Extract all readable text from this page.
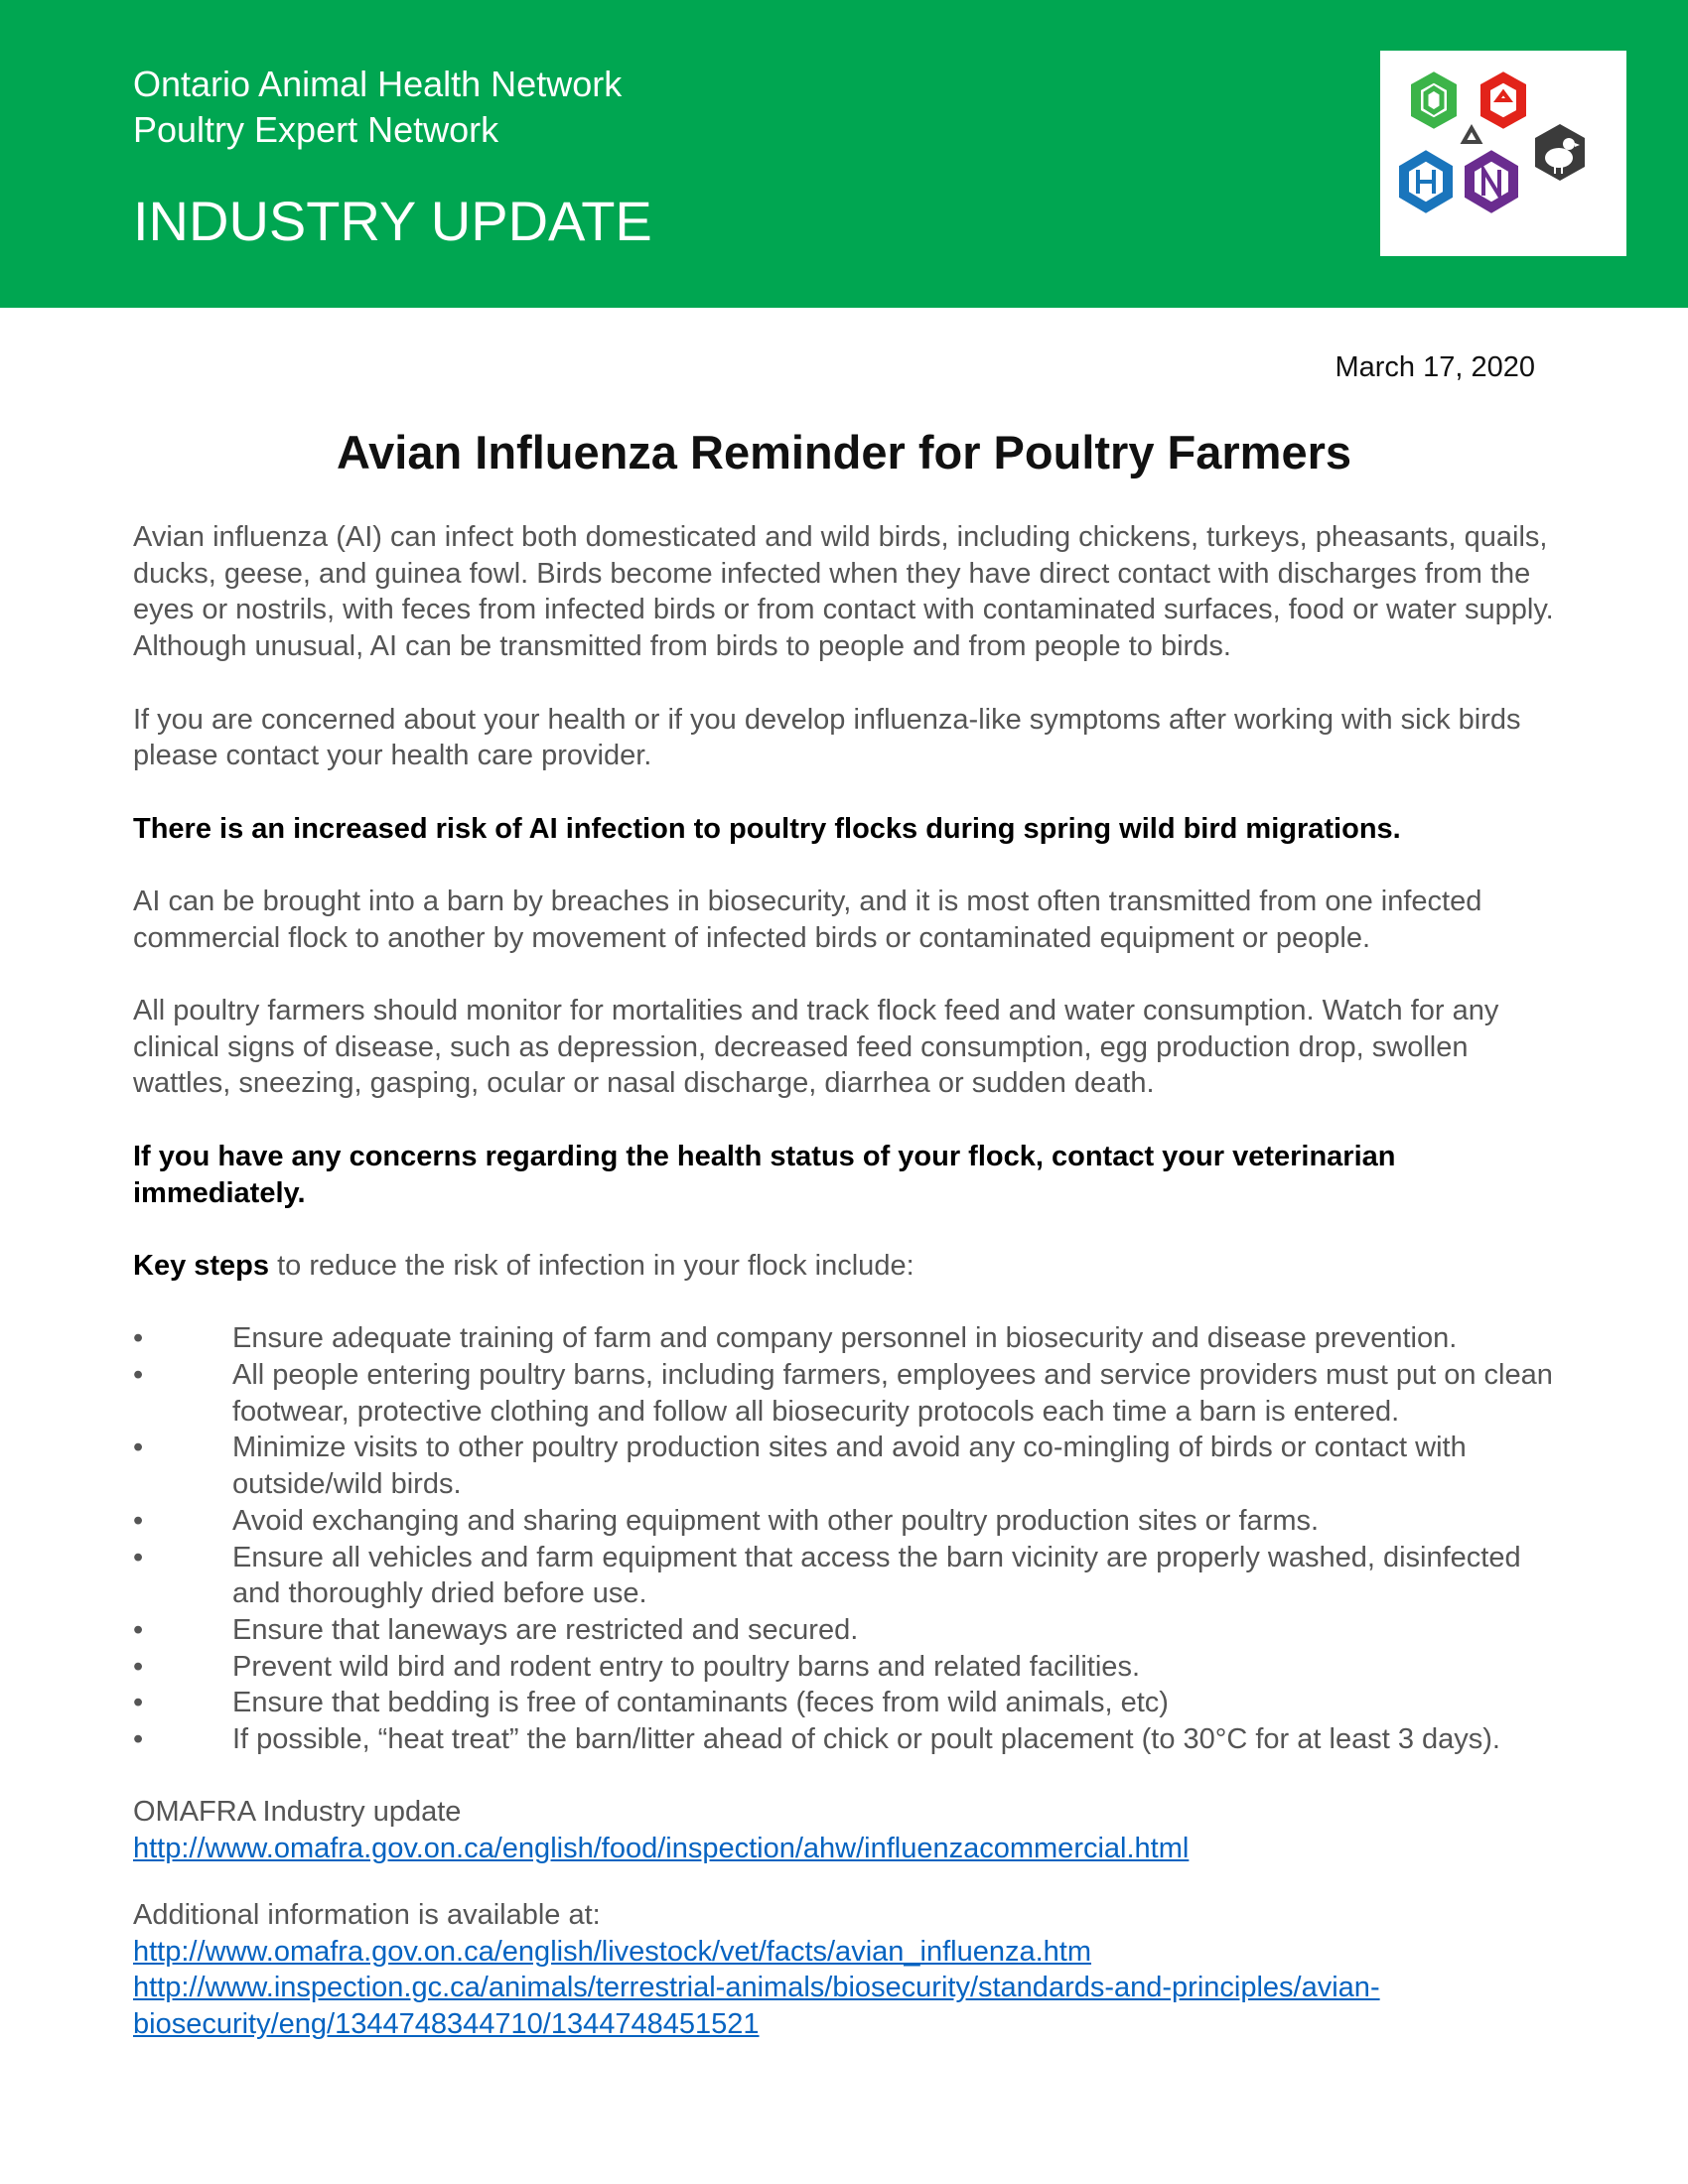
Ontario Animal Health Network
Poultry Expert Network
INDUSTRY UPDATE
March 17, 2020
Avian Influenza Reminder for Poultry Farmers

Avian influenza (AI) can infect both domesticated and wild birds, including chickens, turkeys, pheasants, quails, ducks, geese, and guinea fowl. Birds become infected when they have direct contact with discharges from the eyes or nostrils, with feces from infected birds or from contact with contaminated surfaces, food or water supply. Although unusual, AI can be transmitted from birds to people and from people to birds.

If you are concerned about your health or if you develop influenza-like symptoms after working with sick birds please contact your health care provider.

There is an increased risk of AI infection to poultry flocks during spring wild bird migrations.

AI can be brought into a barn by breaches in biosecurity, and it is most often transmitted from one infected commercial flock to another by movement of infected birds or contaminated equipment or people.

All poultry farmers should monitor for mortalities and track flock feed and water consumption. Watch for any clinical signs of disease, such as depression, decreased feed consumption, egg production drop, swollen wattles, sneezing, gasping, ocular or nasal discharge, diarrhea or sudden death.

If you have any concerns regarding the health status of your flock, contact your veterinarian immediately.

Key steps to reduce the risk of infection in your flock include:

•	Ensure adequate training of farm and company personnel in biosecurity and disease prevention.
•	All people entering poultry barns, including farmers, employees and service providers must put on clean footwear, protective clothing and follow all biosecurity protocols each time a barn is entered.
•	Minimize visits to other poultry production sites and avoid any co-mingling of birds or contact with outside/wild birds.
•	Avoid exchanging and sharing equipment with other poultry production sites or farms.
•	Ensure all vehicles and farm equipment that access the barn vicinity are properly washed, disinfected and thoroughly dried before use.
•	Ensure that laneways are restricted and secured.
•	Prevent wild bird and rodent entry to poultry barns and related facilities.
•	Ensure that bedding is free of contaminants (feces from wild animals, etc)
•	If possible, “heat treat” the barn/litter ahead of chick or poult placement (to 30°C for at least 3 days).

OMAFRA Industry update
http://www.omafra.gov.on.ca/english/food/inspection/ahw/influenzacommercial.html

Additional information is available at:
http://www.omafra.gov.on.ca/english/livestock/vet/facts/avian_influenza.htm
http://www.inspection.gc.ca/animals/terrestrial-animals/biosecurity/standards-and-principles/avian-biosecurity/eng/1344748344710/1344748451521
